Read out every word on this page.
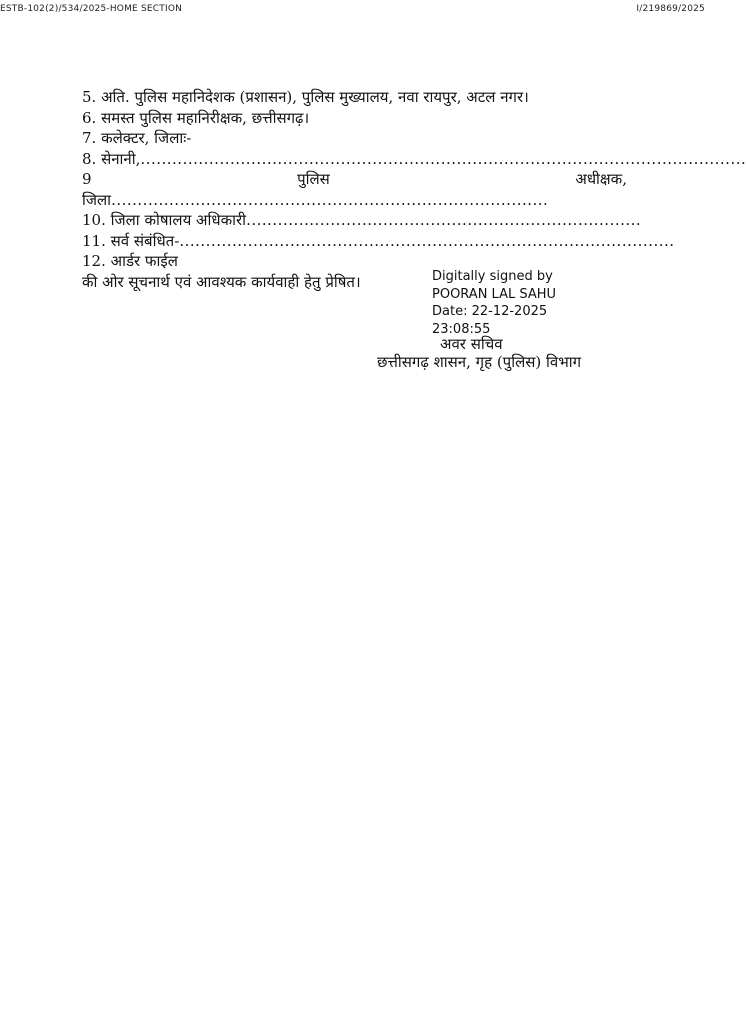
ESTB-102(2)/534/2025-HOME SECTION	I/219869/2025
5. अति. पुलिस महानिदेशक (प्रशासन), पुलिस मुख्यालय, नवा रायपुर, अटल नगर।
6. समस्त पुलिस महानिरीक्षक, छत्तीसगढ़।
7. कलेक्टर, जिलाः-
8. सेनानी, ...................................................................................................................
9	पुलिस	अधीक्षक,
जिला ...................................................................................
10. जिला कोषालय अधिकारी ...........................................................................
11. सर्व संबंधित- ..............................................................................................
12. आर्डर फाईल
की ओर सूचनार्थ एवं आवश्यक कार्यवाही हेतु प्रेषित।	Digitally signed by
POORAN LAL SAHU
Date: 22-12-2025
23:08:55
अवर सचिव
छत्तीसगढ़ शासन, गृह (पुलिस) विभाग
